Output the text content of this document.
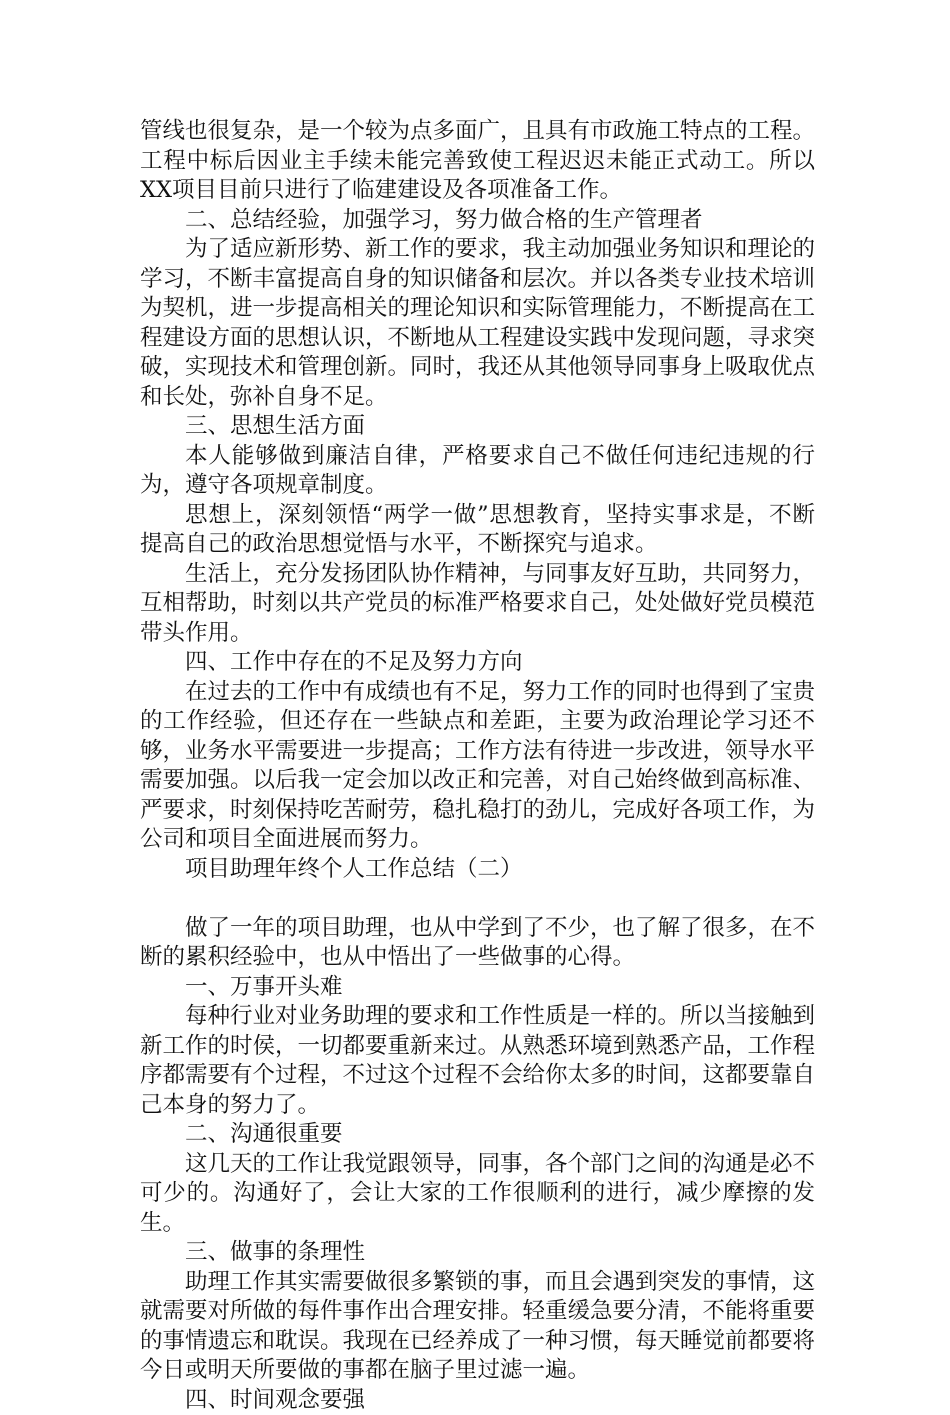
管线也很复杂，是一个较为点多面广，且具有市政施工特点的工程。工程中标后因业主手续未能完善致使工程迟迟未能正式动工。所以XX项目目前只进行了临建建设及各项准备工作。

二、总结经验，加强学习，努力做合格的生产管理者

为了适应新形势、新工作的要求，我主动加强业务知识和理论的学习，不断丰富提高自身的知识储备和层次。并以各类专业技术培训为契机，进一步提高相关的理论知识和实际管理能力，不断提高在工程建设方面的思想认识，不断地从工程建设实践中发现问题，寻求突破，实现技术和管理创新。同时，我还从其他领导同事身上吸取优点和长处，弥补自身不足。

三、思想生活方面

本人能够做到廉洁自律，严格要求自己不做任何违纪违规的行为，遵守各项规章制度。

思想上，深刻领悟“两学一做”思想教育，坚持实事求是，不断提高自己的政治思想觉悟与水平，不断探究与追求。

生活上，充分发扬团队协作精神，与同事友好互助，共同努力，互相帮助，时刻以共产党员的标准严格要求自己，处处做好党员模范带头作用。

四、工作中存在的不足及努力方向

在过去的工作中有成绩也有不足，努力工作的同时也得到了宝贵的工作经验，但还存在一些缺点和差距，主要为政治理论学习还不够，业务水平需要进一步提高；工作方法有待进一步改进，领导水平需要加强。以后我一定会加以改正和完善，对自己始终做到高标准、严要求，时刻保持吃苦耐劳，稳扎稳打的劲儿，完成好各项工作，为公司和项目全面进展而努力。

项目助理年终个人工作总结（二）

做了一年的项目助理，也从中学到了不少，也了解了很多，在不断的累积经验中，也从中悟出了一些做事的心得。

一、万事开头难

每种行业对业务助理的要求和工作性质是一样的。所以当接触到新工作的时侯，一切都要重新来过。从熟悉环境到熟悉产品，工作程序都需要有个过程，不过这个过程不会给你太多的时间，这都要靠自己本身的努力了。

二、沟通很重要

这几天的工作让我觉跟领导，同事，各个部门之间的沟通是必不可少的。沟通好了，会让大家的工作很顺利的进行，减少摩擦的发生。

三、做事的条理性

助理工作其实需要做很多繁锁的事，而且会遇到突发的事情，这就需要对所做的每件事作出合理安排。轻重缓急要分清，不能将重要的事情遗忘和耽误。我现在已经养成了一种习惯，每天睡觉前都要将今日或明天所要做的事都在脑子里过滤一遍。

四、时间观念要强
